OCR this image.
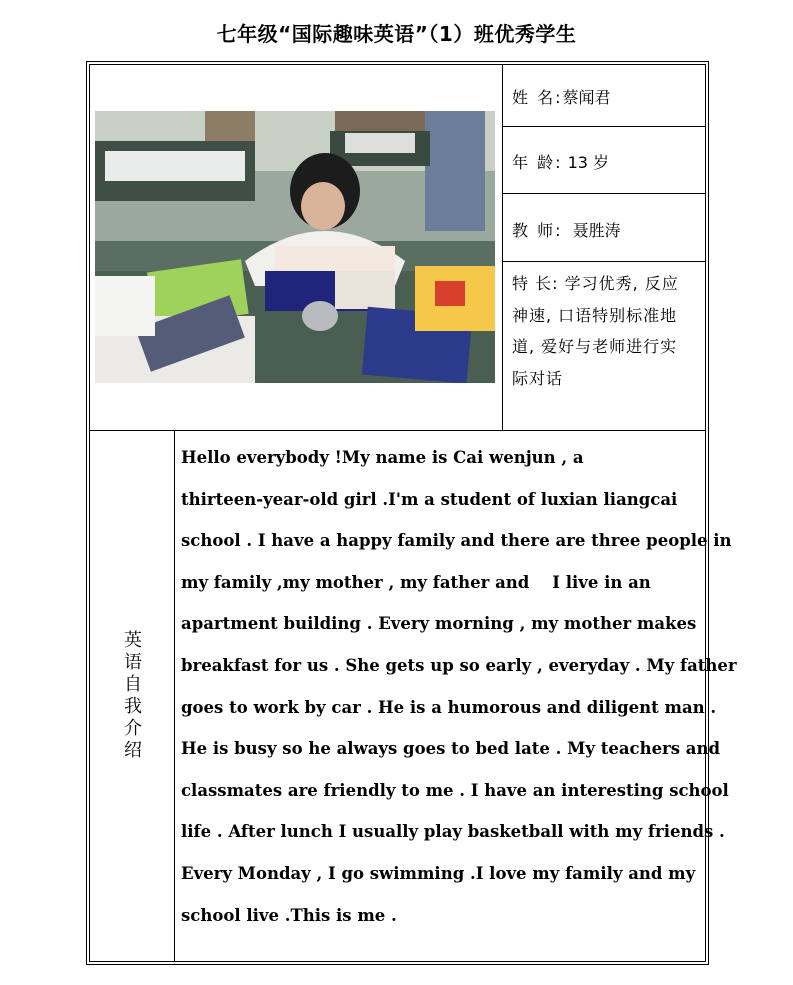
七年级“国际趣味英语”（1）班优秀学生
姓 名:蔡闻君
年 龄: 13 岁
教 师: 聂胜涛
特 长: 学习优秀, 反应
神速, 口语特别标准地
道, 爱好与老师进行实
际对话
英
语
自
我
介
绍
Hello everybody !My name is Cai wenjun , a
thirteen-year-old girl .I'm a student of luxian liangcai
school . I have a happy family and there are three people in
my family ,my mother , my father and    I live in an
apartment building . Every morning , my mother makes
breakfast for us . She gets up so early , everyday . My father
goes to work by car . He is a humorous and diligent man .
He is busy so he always goes to bed late . My teachers and
classmates are friendly to me . I have an interesting school
life . After lunch I usually play basketball with my friends .
Every Monday , I go swimming .I love my family and my
school live .This is me .
